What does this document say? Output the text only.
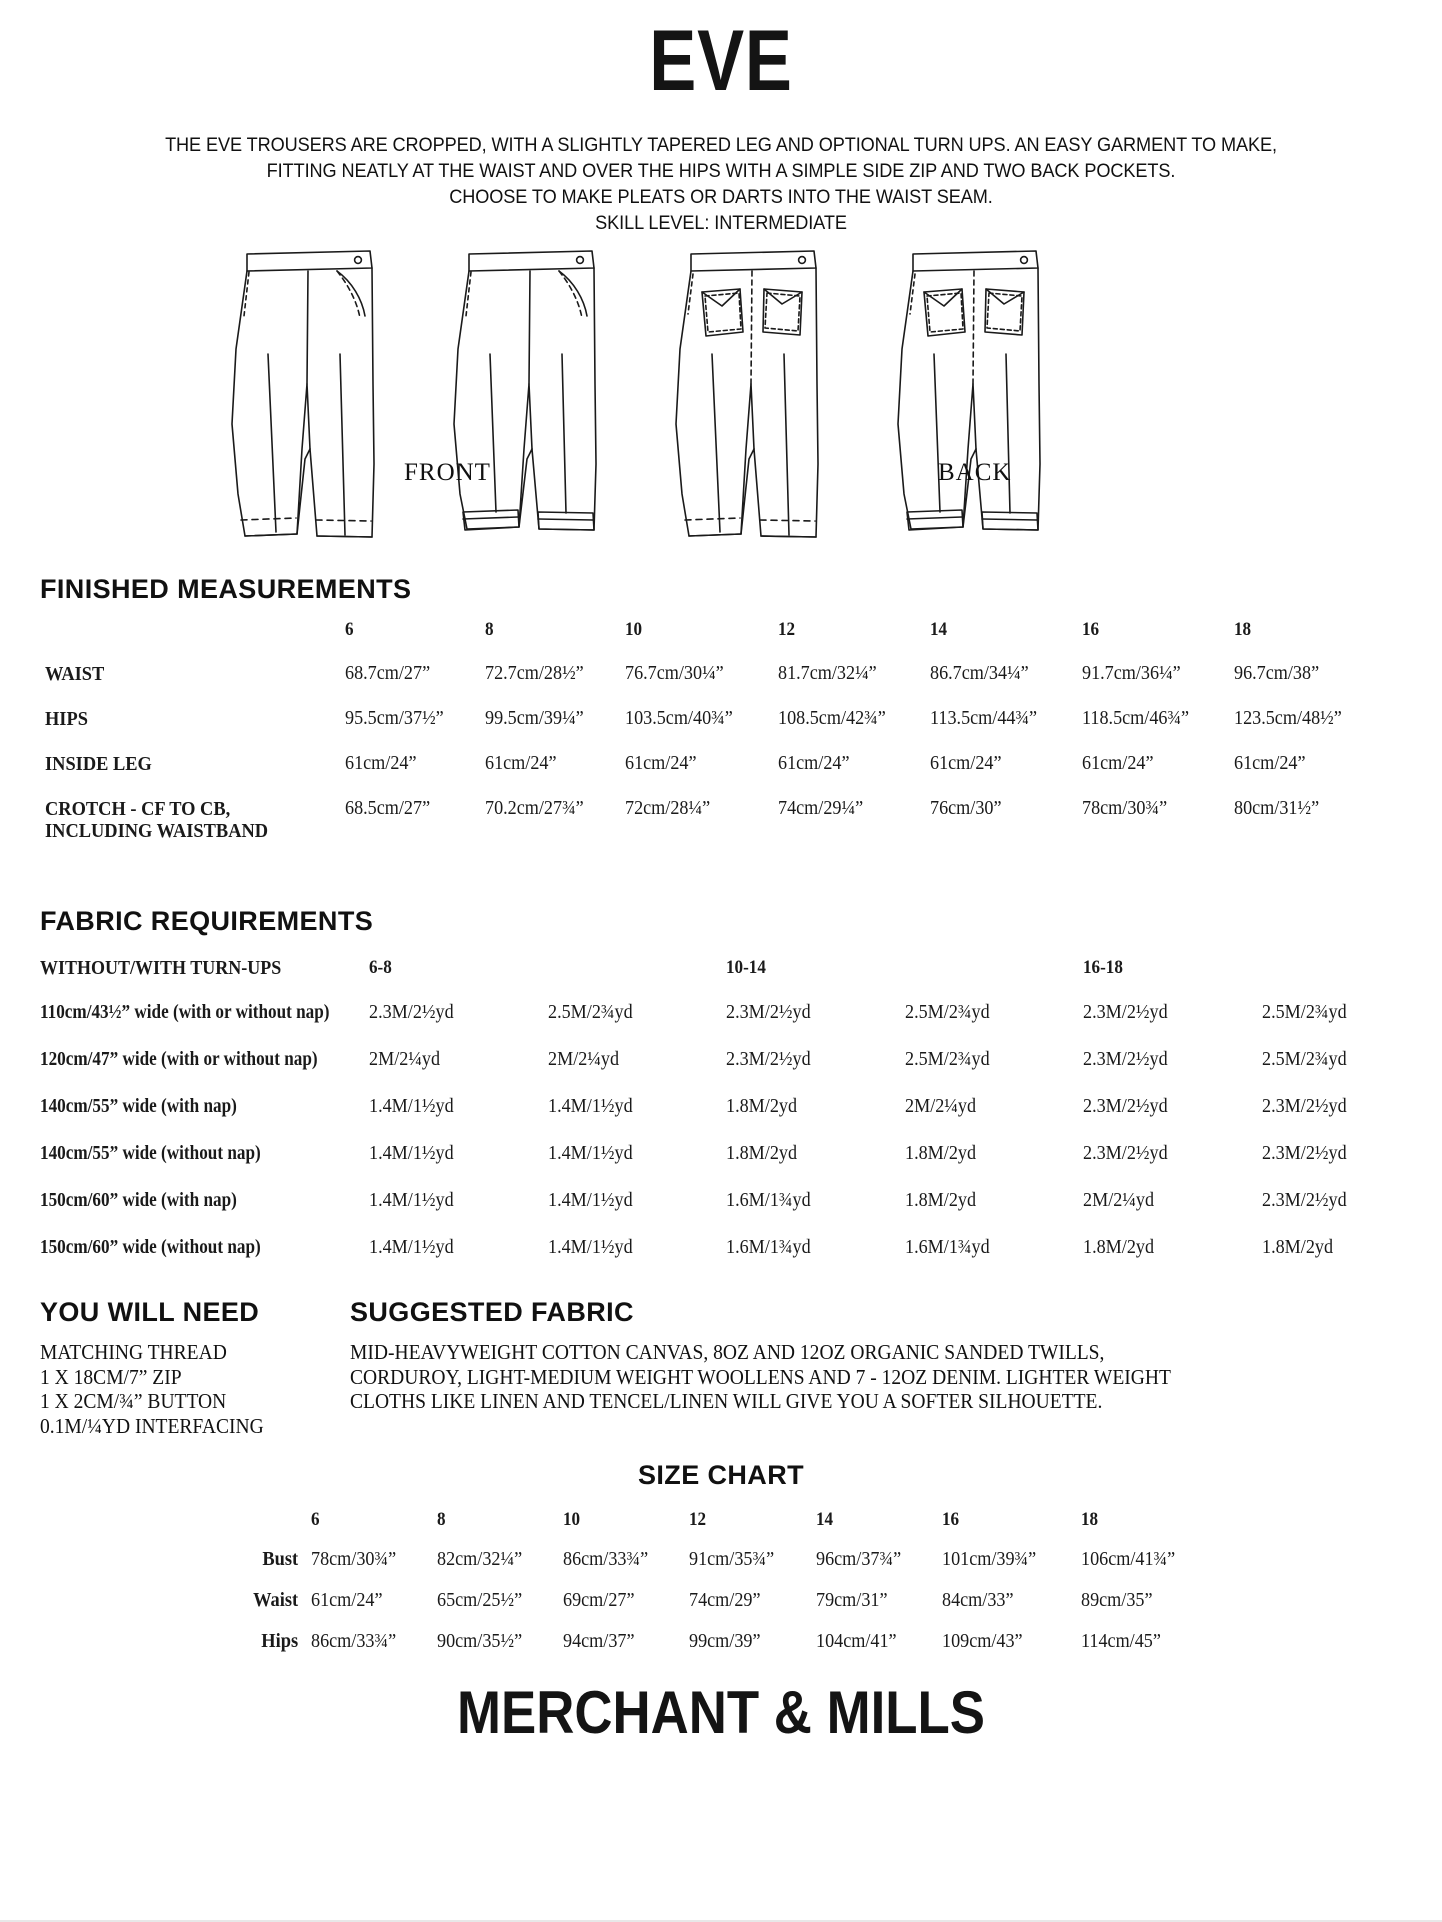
EVE
THE EVE TROUSERS ARE CROPPED, WITH A SLIGHTLY TAPERED LEG AND OPTIONAL TURN UPS. AN EASY GARMENT TO MAKE,
FITTING NEATLY AT THE WAIST AND OVER THE HIPS WITH A SIMPLE SIDE ZIP AND TWO BACK POCKETS.
CHOOSE TO MAKE PLEATS OR DARTS INTO THE WAIST SEAM.
SKILL LEVEL: INTERMEDIATE
FRONT	BACK
FINISHED MEASUREMENTS
	6	8	10	12	14	16	18
WAIST	68.7cm/27”	72.7cm/28½”	76.7cm/30¼”	81.7cm/32¼”	86.7cm/34¼”	91.7cm/36¼”	96.7cm/38”
HIPS	95.5cm/37½”	99.5cm/39¼”	103.5cm/40¾”	108.5cm/42¾”	113.5cm/44¾”	118.5cm/46¾”	123.5cm/48½”
INSIDE LEG	61cm/24”	61cm/24”	61cm/24”	61cm/24”	61cm/24”	61cm/24”	61cm/24”
CROTCH - CF TO CB,
INCLUDING WAISTBAND	68.5cm/27”	70.2cm/27¾”	72cm/28¼”	74cm/29¼”	76cm/30”	78cm/30¾”	80cm/31½”
FABRIC REQUIREMENTS
WITHOUT/WITH TURN-UPS	6-8		10-14		16-18	
110cm/43½” wide (with or without nap)	2.3M/2½yd	2.5M/2¾yd	2.3M/2½yd	2.5M/2¾yd	2.3M/2½yd	2.5M/2¾yd
120cm/47” wide (with or without nap)	2M/2¼yd	2M/2¼yd	2.3M/2½yd	2.5M/2¾yd	2.3M/2½yd	2.5M/2¾yd
140cm/55” wide (with nap)	1.4M/1½yd	1.4M/1½yd	1.8M/2yd	2M/2¼yd	2.3M/2½yd	2.3M/2½yd
140cm/55” wide (without nap)	1.4M/1½yd	1.4M/1½yd	1.8M/2yd	1.8M/2yd	2.3M/2½yd	2.3M/2½yd
150cm/60” wide (with nap)	1.4M/1½yd	1.4M/1½yd	1.6M/1¾yd	1.8M/2yd	2M/2¼yd	2.3M/2½yd
150cm/60” wide (without nap)	1.4M/1½yd	1.4M/1½yd	1.6M/1¾yd	1.6M/1¾yd	1.8M/2yd	1.8M/2yd
YOU WILL NEED
MATCHING THREAD
1 X 18CM/7” ZIP
1 X 2CM/¾” BUTTON
0.1M/¼YD INTERFACING
SUGGESTED FABRIC
MID-HEAVYWEIGHT COTTON CANVAS, 8OZ AND 12OZ ORGANIC SANDED TWILLS,
CORDUROY, LIGHT-MEDIUM WEIGHT WOOLLENS AND 7 - 12OZ DENIM. LIGHTER WEIGHT
CLOTHS LIKE LINEN AND TENCEL/LINEN WILL GIVE YOU A SOFTER SILHOUETTE.
SIZE CHART
	6	8	10	12	14	16	18
Bust	78cm/30¾”	82cm/32¼”	86cm/33¾”	91cm/35¾”	96cm/37¾”	101cm/39¾”	106cm/41¾”
Waist	61cm/24”	65cm/25½”	69cm/27”	74cm/29”	79cm/31”	84cm/33”	89cm/35”
Hips	86cm/33¾”	90cm/35½”	94cm/37”	99cm/39”	104cm/41”	109cm/43”	114cm/45”
MERCHANT & MILLS
